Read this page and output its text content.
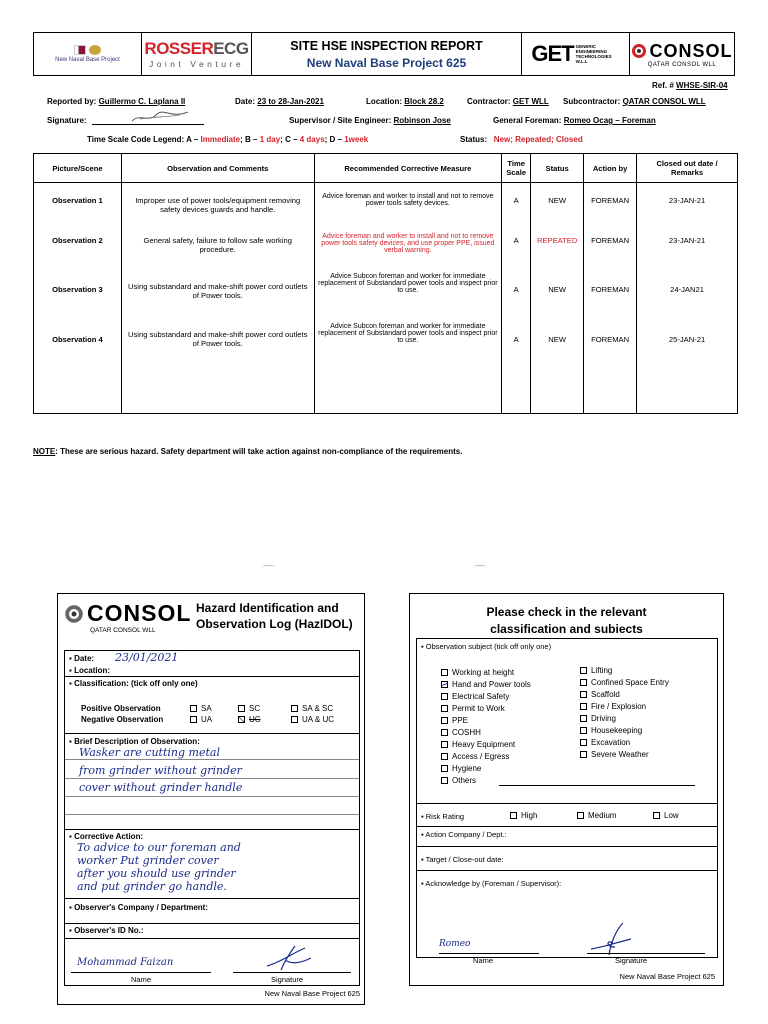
New Naval Base Project
ROSSERECG
Joint Venture
SITE HSE INSPECTION REPORT
New Naval Base Project 625	GET GENERIC ENGINEERING TECHNOLOGIES W.L.L
CONSOL
QATAR CONSOL WLL
Ref. # WHSE-SIR-04
Reported by: Guillermo C. Laplana II	Date: 23 to 28-Jan-2021	Location: Block 28.2	Contractor: GET WLL Subcontractor: QATAR CONSOL WLL
Signature:	Supervisor / Site Engineer: Robinson Jose	General Foreman: Romeo Ocag – Foreman
Time Scale Code Legend: A – Immediate; B – 1 day; C – 4 days; D – 1week	Status: New; Repeated; Closed
Picture/Scene	Observation and Comments	Recommended Corrective Measure	Time Scale	Status	Action by	Closed out date / Remarks

Observation 1	Improper use of power tools/equipment removing safety devices guards and handle.	Advice foreman and worker to install and not to remove power tools safety devices.	A	NEW	FOREMAN	23-JAN-21
Observation 2	General safety, failure to follow safe working procedure.	Advice foreman and worker to install and not to remove power tools safety devices, and use proper PPE, issued verbal warning.	A	REPEATED	FOREMAN	23-JAN-21
Observation 3	Using substandard and make-shift power cord outlets of Power tools.	Advice Subcon foreman and worker for immediate replacement of Substandard power tools and inspect prior to use.	A	NEW	FOREMAN	24-JAN21
Observation 4	Using substandard and make-shift power cord outlets of Power tools.	Advice Subcon foreman and worker for immediate replacement of Substandard power tools and inspect prior to use.	A	NEW	FOREMAN	25-JAN-21
NOTE: These are serious hazard. Safety department will take action against non-compliance of the requirements.
CONSOL
QATAR CONSOL WLL
Hazard Identification and
Observation Log (HazIDOL)
▪ Date: 23/01/2021
▪ Location:
▪ Classification: (tick off only one)
Positive Observation
Negative Observation
SA	SC	SA & SC
UA	UC	UA & UC
▪ Brief Description of Observation:
Wasker are cutting metal
from grinder without grinder
cover without grinder handle
▪ Corrective Action:
To advice to our foreman and
worker Put grinder cover
after you should use grinder
and put grinder go handle.
▪ Observer's Company / Department:
▪ Observer's ID No.:
Mohammad Faizan
Name	Signature
New Naval Base Project 625
Please check in the relevant
classification and subiects
▪ Observation subject (tick off only one)
Working at height
Hand and Power tools
Electrical Safety
Permit to Work
PPE
COSHH
Heavy Equipment
Access / Egress
Hygiene
Others
Lifting
Confined Space Entry
Scaffold
Fire / Explosion
Driving
Housekeeping
Excavation
Severe Weather
▪ Risk Rating	High	Medium	Low
▪ Action Company / Dept.:
▪ Target / Close-out date:
▪ Acknowledge by (Foreman / Supervisor):
Romeo
Name	Signature
New Naval Base Project 625
